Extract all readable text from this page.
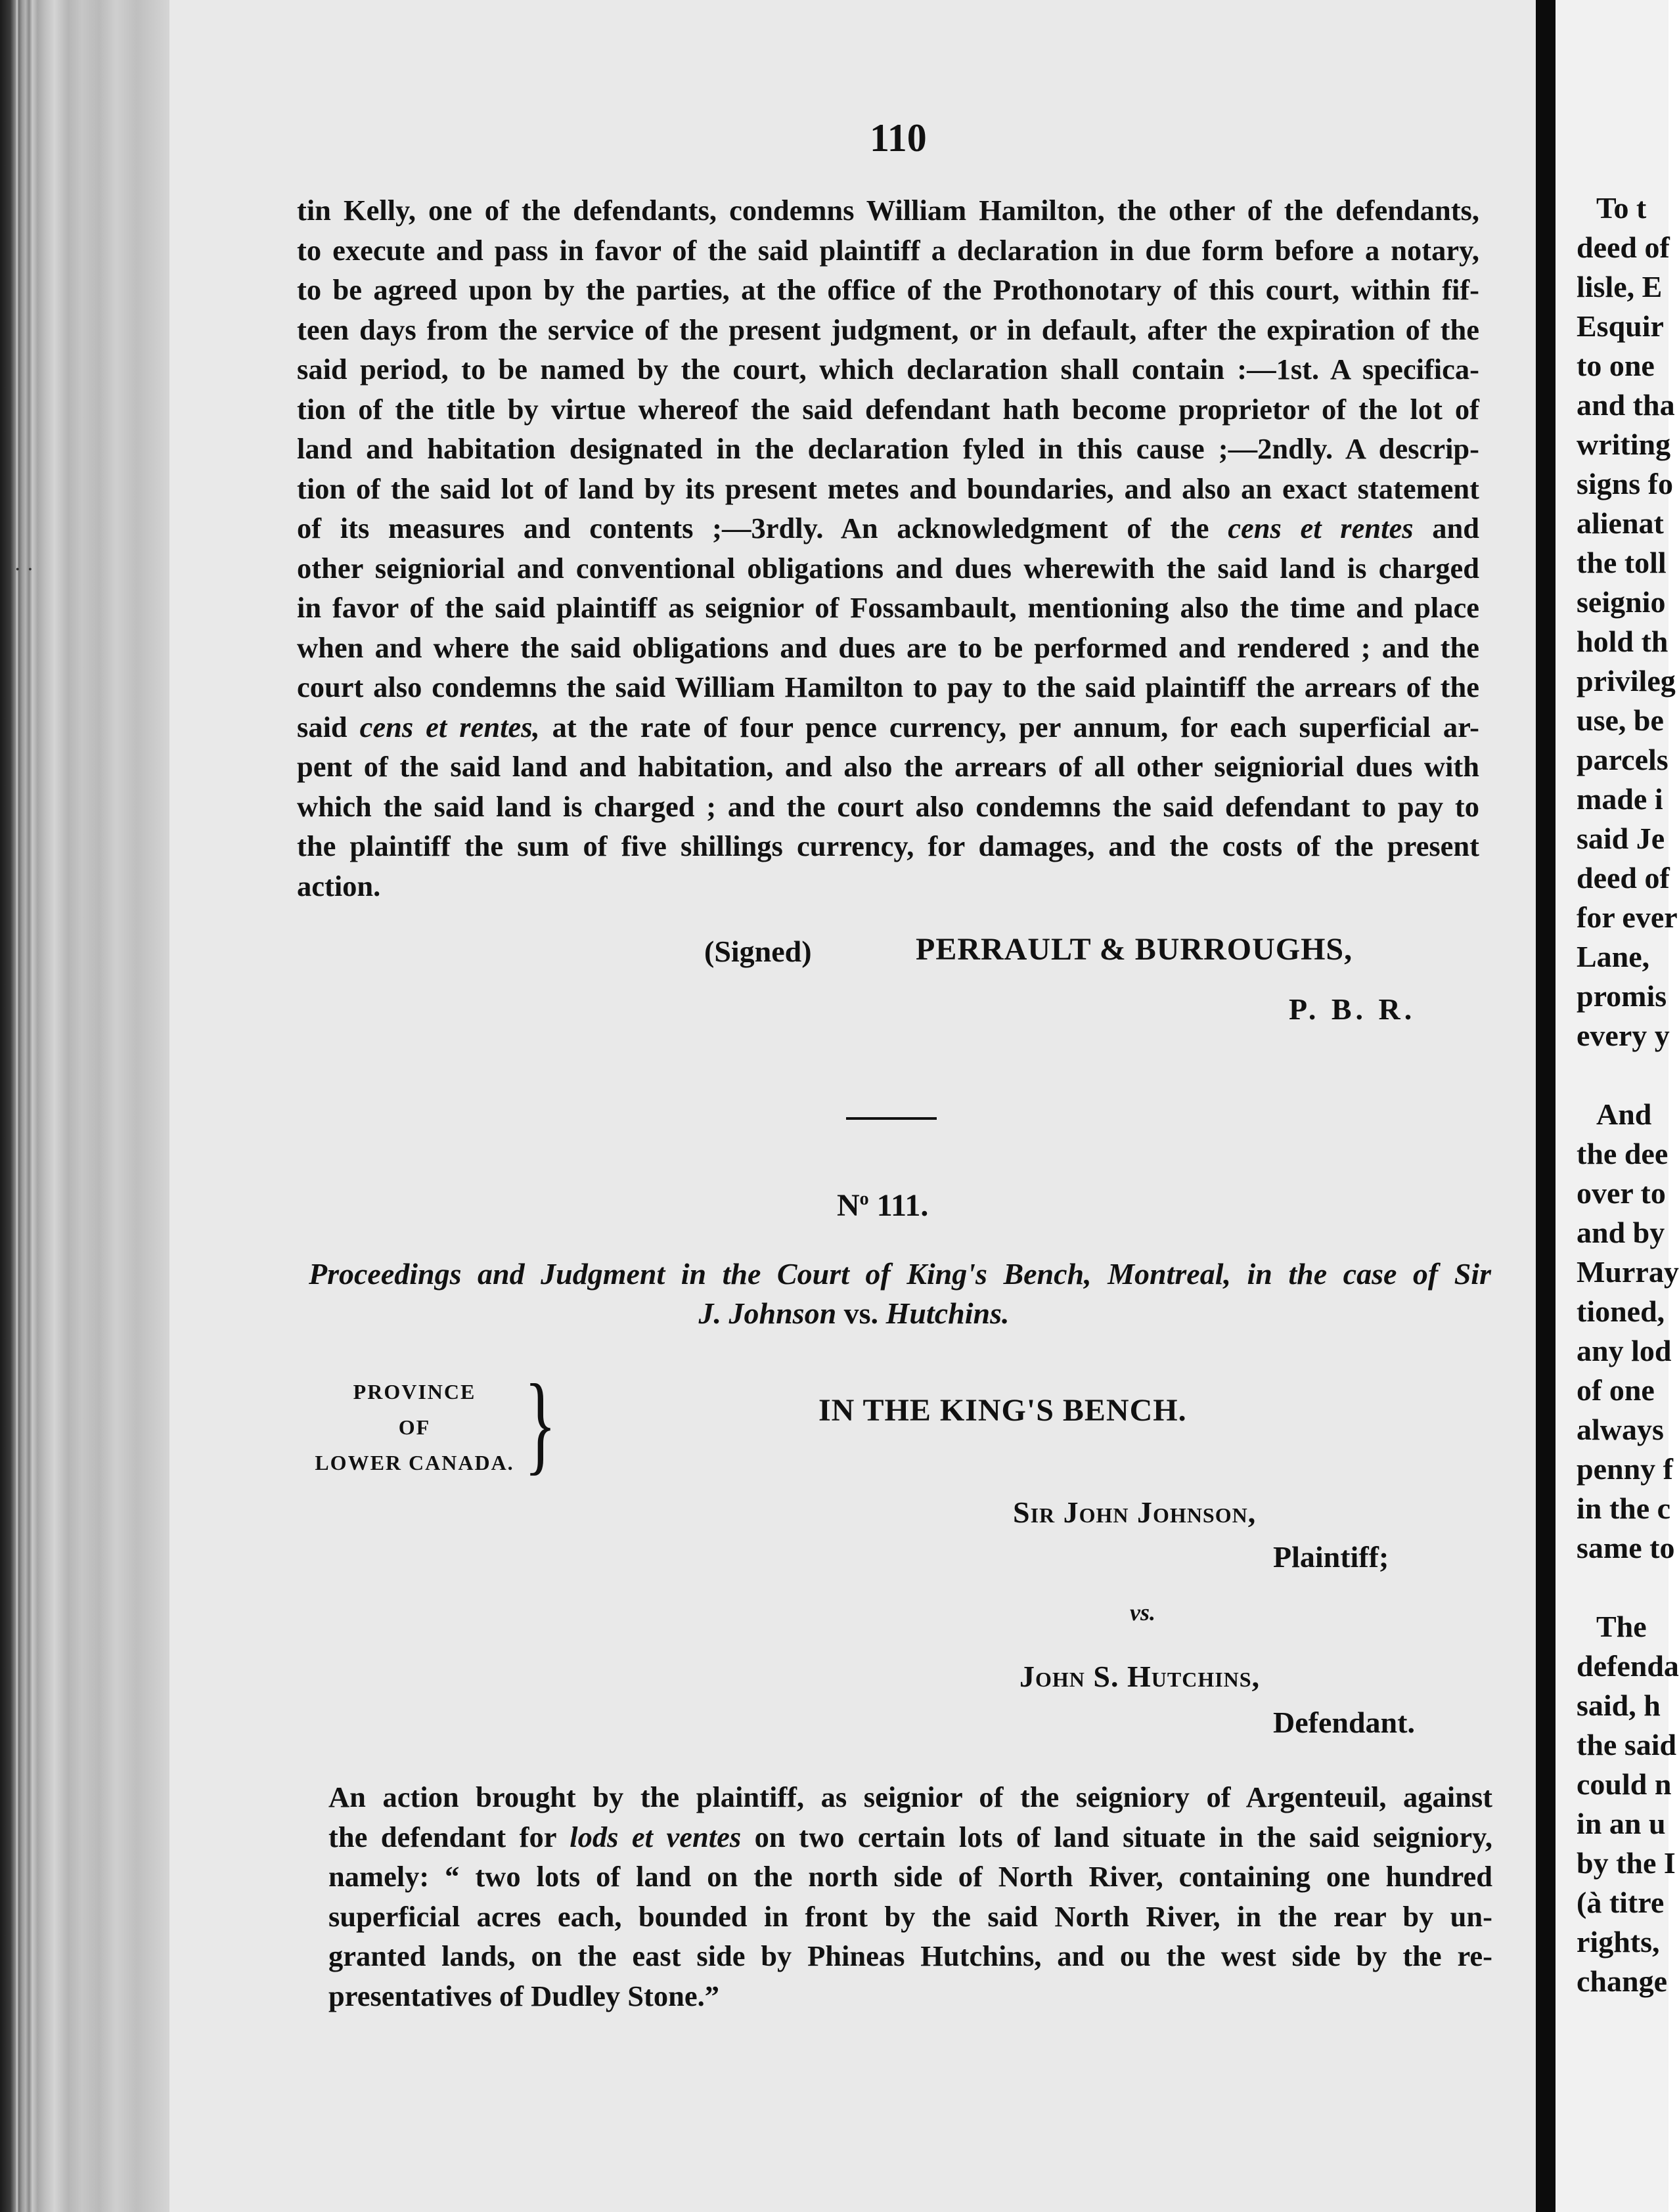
To t
deed of
lisle, E
Esquir
to one
and tha
writing
signs fo
alienat
the toll
seignio
hold th
privileg
use, be
parcels
made i
said Je
deed of
for ever
Lane,
promis
every y
And
the dee
over to
and by
Murray
tioned,
any lod
of one
always
penny f
in the c
same to
The
defenda
said, h
the said
could n
in an u
by the I
(à titre
rights,
change
· ·
110
tin Kelly, one of the defendants, condemns William Hamilton, the other of the defendants,
to execute and pass in favor of the said plaintiff a declaration in due form before a notary,
to be agreed upon by the parties, at the office of the Prothonotary of this court, within fif-
teen days from the service of the present judgment, or in default, after the expiration of the
said period, to be named by the court, which declaration shall contain :—1st. A specifica-
tion of the title by virtue whereof the said defendant hath become proprietor of the lot of
land and habitation designated in the declaration fyled in this cause ;—2ndly. A descrip-
tion of the said lot of land by its present metes and boundaries, and also an exact statement
of its measures and contents ;—3rdly. An acknowledgment of the cens et rentes and
other seigniorial and conventional obligations and dues wherewith the said land is charged
in favor of the said plaintiff as seignior of Fossambault, mentioning also the time and place
when and where the said obligations and dues are to be performed and rendered ; and the
court also condemns the said William Hamilton to pay to the said plaintiff the arrears of the
said cens et rentes, at the rate of four pence currency, per annum, for each superficial ar-
pent of the said land and habitation, and also the arrears of all other seigniorial dues with
which the said land is charged ; and the court also condemns the said defendant to pay to
the plaintiff the sum of five shillings currency, for damages, and the costs of the present
action.
(Signed)	PERRAULT & BURROUGHS,
P. B. R.
$N^o$ 111.
Proceedings and Judgment in the Court of King's Bench, Montreal, in the case of Sir
J. Johnson vs. Hutchins.
PROVINCE
OF
LOWER CANADA. }	IN THE KING'S BENCH.
Sir John Johnson,
Plaintiff;
vs.
John S. Hutchins,
Defendant.
An action brought by the plaintiff, as seignior of the seigniory of Argenteuil, against
the defendant for lods et ventes on two certain lots of land situate in the said seigniory,
namely: “ two lots of land on the north side of North River, containing one hundred
superficial acres each, bounded in front by the said North River, in the rear by un-
granted lands, on the east side by Phineas Hutchins, and ou the west side by the re-
presentatives of Dudley Stone.”
